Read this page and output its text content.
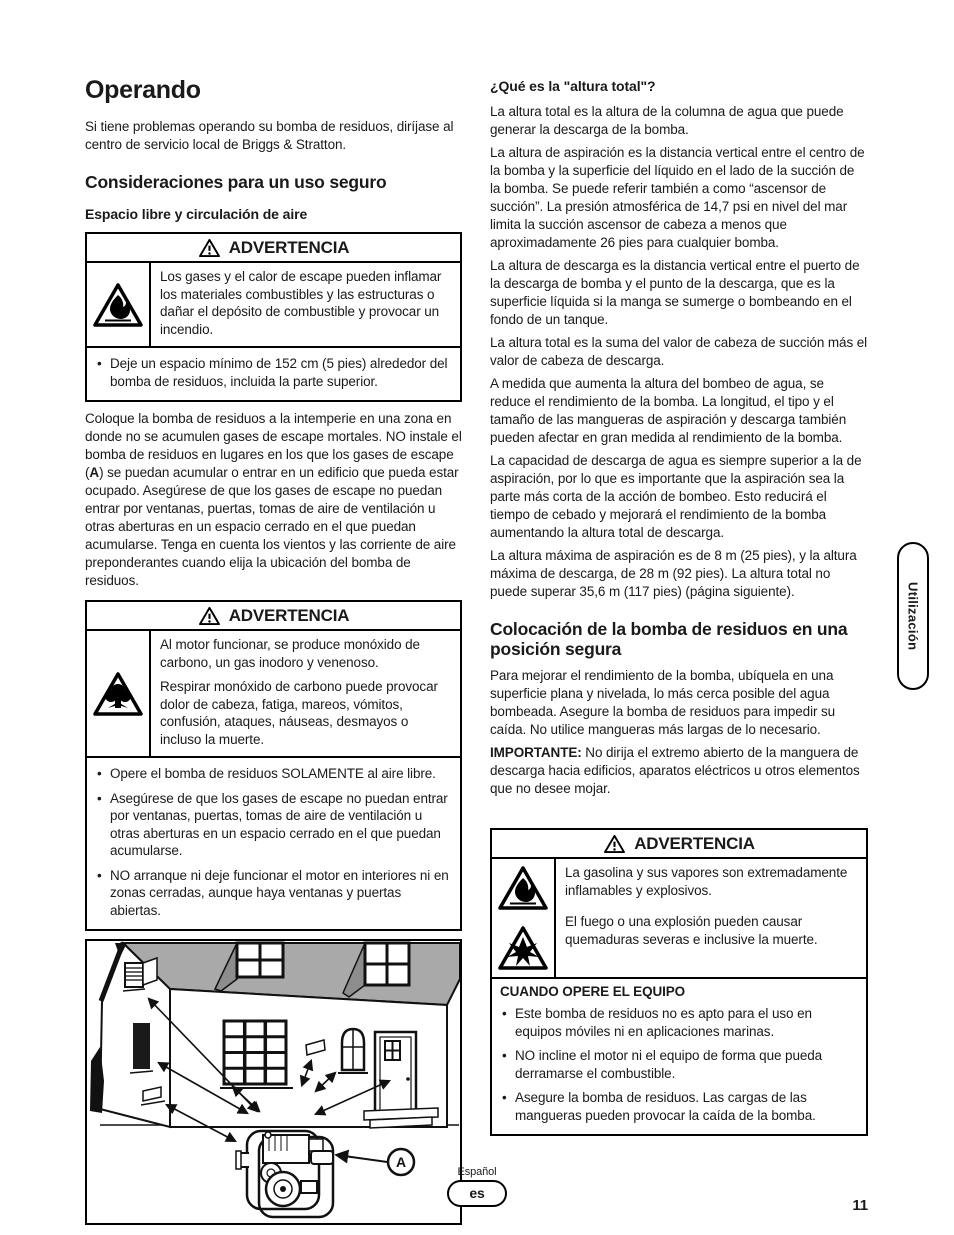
Operando

Si tiene problemas operando su bomba de residuos, diríjase al centro de servicio local de Briggs & Stratton.

Consideraciones para un uso seguro
Espacio libre y circulación de aire
ADVERTENCIA

Los gases y el calor de escape pueden inflamar los materiales combustibles y las estructuras o dañar el depósito de combustible y provocar un incendio.

• Deje un espacio mínimo de 152 cm (5 pies) alrededor del bomba de residuos, incluida la parte superior.

Coloque la bomba de residuos a la intemperie en una zona en donde no se acumulen gases de escape mortales. NO instale el bomba de residuos en lugares en los que los gases de escape (A) se puedan acumular o entrar en un edificio que pueda estar ocupado. Asegúrese de que los gases de escape no puedan entrar por ventanas, puertas, tomas de aire de ventilación u otras aberturas en un espacio cerrado en el que puedan acumularse. Tenga en cuenta los vientos y las corriente de aire preponderantes cuando elija la ubicación del bomba de residuos.

ADVERTENCIA

Al motor funcionar, se produce monóxido de carbono, un gas inodoro y venenoso.

Respirar monóxido de carbono puede provocar dolor de cabeza, fatiga, mareos, vómitos, confusión, ataques, náuseas, desmayos o incluso la muerte.

• Opere el bomba de residuos SOLAMENTE al aire libre.
• Asegúrese de que los gases de escape no puedan entrar por ventanas, puertas, tomas de aire de ventilación u otras aberturas en un espacio cerrado en el que puedan acumularse.
• NO arranque ni deje funcionar el motor en interiores ni en zonas cerradas, aunque haya ventanas y puertas abiertas.
A
¿Qué es la "altura total"?

La altura total es la altura de la columna de agua que puede generar la descarga de la bomba.

La altura de aspiración es la distancia vertical entre el centro de la bomba y la superficie del líquido en el lado de la succión de la bomba. Se puede referir también a como “ascensor de succión”. La presión atmosférica de 14,7 psi en nivel del mar limita la succión ascensor de cabeza a menos que aproximadamente 26 pies para cualquier bomba.

La altura de descarga es la distancia vertical entre el puerto de la descarga de bomba y el punto de la descarga, que es la superficie líquida si la manga se sumerge o bombeando en el fondo de un tanque.

La altura total es la suma del valor de cabeza de succión más el valor de cabeza de descarga.

A medida que aumenta la altura del bombeo de agua, se reduce el rendimiento de la bomba. La longitud, el tipo y el tamaño de las mangueras de aspiración y descarga también pueden afectar en gran medida al rendimiento de la bomba.

La capacidad de descarga de agua es siempre superior a la de aspiración, por lo que es importante que la aspiración sea la parte más corta de la acción de bombeo. Esto reducirá el tiempo de cebado y mejorará el rendimiento de la bomba aumentando la altura total de descarga.

La altura máxima de aspiración es de 8 m (25 pies), y la altura máxima de descarga, de 28 m (92 pies). La altura total no puede superar 35,6 m (117 pies) (página siguiente).

Colocación de la bomba de residuos en una posición segura

Para mejorar el rendimiento de la bomba, ubíquela en una superficie plana y nivelada, lo más cerca posible del agua bombeada. Asegure la bomba de residuos para impedir su caída. No utilice mangueras más largas de lo necesario.

IMPORTANTE: No dirija el extremo abierto de la manguera de descarga hacia edificios, aparatos eléctricos u otros elementos que no desee mojar.

ADVERTENCIA

La gasolina y sus vapores son extremadamente inflamables y explosivos.

El fuego o una explosión pueden causar quemaduras severas e inclusive la muerte.

CUANDO OPERE EL EQUIPO
• Este bomba de residuos no es apto para el uso en equipos móviles ni en aplicaciones marinas.
• NO incline el motor ni el equipo de forma que pueda derramarse el combustible.
• Asegure la bomba de residuos. Las cargas de las mangueras pueden provocar la caída de la bomba.
Utilización
Español
es
11
